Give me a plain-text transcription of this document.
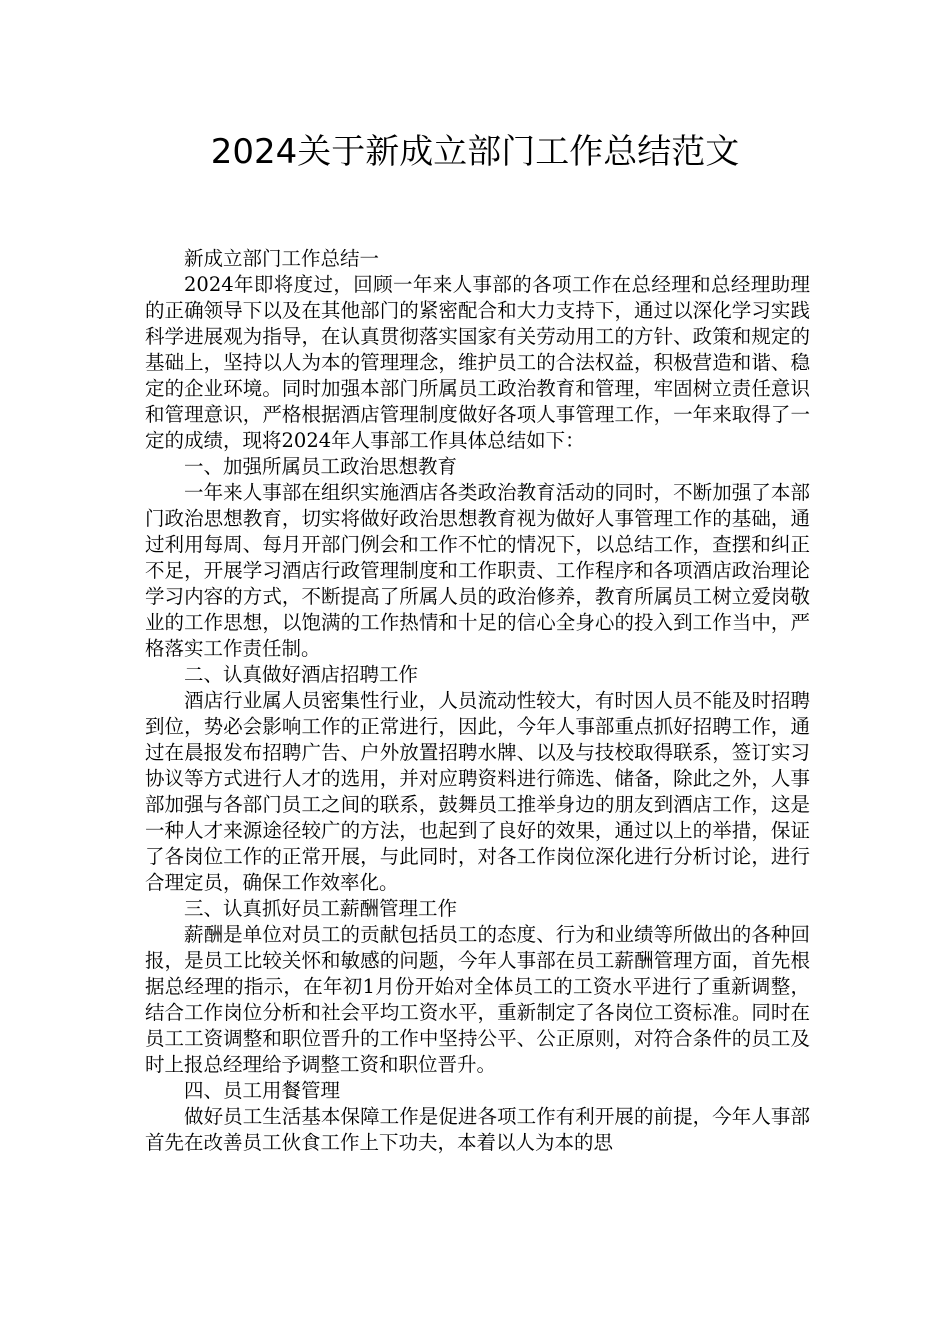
2024关于新成立部门工作总结范文

新成立部门工作总结一

2024年即将度过，回顾一年来人事部的各项工作在总经理和总经理助理的正确领导下以及在其他部门的紧密配合和大力支持下，通过以深化学习实践科学进展观为指导，在认真贯彻落实国家有关劳动用工的方针、政策和规定的基础上，坚持以人为本的管理理念，维护员工的合法权益，积极营造和谐、稳定的企业环境。同时加强本部门所属员工政治教育和管理，牢固树立责任意识和管理意识，严格根据酒店管理制度做好各项人事管理工作，一年来取得了一定的成绩，现将2024年人事部工作具体总结如下：

一、加强所属员工政治思想教育

一年来人事部在组织实施酒店各类政治教育活动的同时，不断加强了本部门政治思想教育，切实将做好政治思想教育视为做好人事管理工作的基础，通过利用每周、每月开部门例会和工作不忙的情况下，以总结工作，查摆和纠正不足，开展学习酒店行政管理制度和工作职责、工作程序和各项酒店政治理论学习内容的方式，不断提高了所属人员的政治修养，教育所属员工树立爱岗敬业的工作思想，以饱满的工作热情和十足的信心全身心的投入到工作当中，严格落实工作责任制。

二、认真做好酒店招聘工作

酒店行业属人员密集性行业，人员流动性较大，有时因人员不能及时招聘到位，势必会影响工作的正常进行，因此，今年人事部重点抓好招聘工作，通过在晨报发布招聘广告、户外放置招聘水牌、以及与技校取得联系，签订实习协议等方式进行人才的选用，并对应聘资料进行筛选、储备，除此之外，人事部加强与各部门员工之间的联系，鼓舞员工推举身边的朋友到酒店工作，这是一种人才来源途径较广的方法，也起到了良好的效果，通过以上的举措，保证了各岗位工作的正常开展，与此同时，对各工作岗位深化进行分析讨论，进行合理定员，确保工作效率化。

三、认真抓好员工薪酬管理工作

薪酬是单位对员工的贡献包括员工的态度、行为和业绩等所做出的各种回报，是员工比较关怀和敏感的问题，今年人事部在员工薪酬管理方面，首先根据总经理的指示，在年初1月份开始对全体员工的工资水平进行了重新调整，结合工作岗位分析和社会平均工资水平，重新制定了各岗位工资标准。同时在员工工资调整和职位晋升的工作中坚持公平、公正原则，对符合条件的员工及时上报总经理给予调整工资和职位晋升。

四、员工用餐管理

做好员工生活基本保障工作是促进各项工作有利开展的前提，今年人事部首先在改善员工伙食工作上下功夫，本着以人为本的思
